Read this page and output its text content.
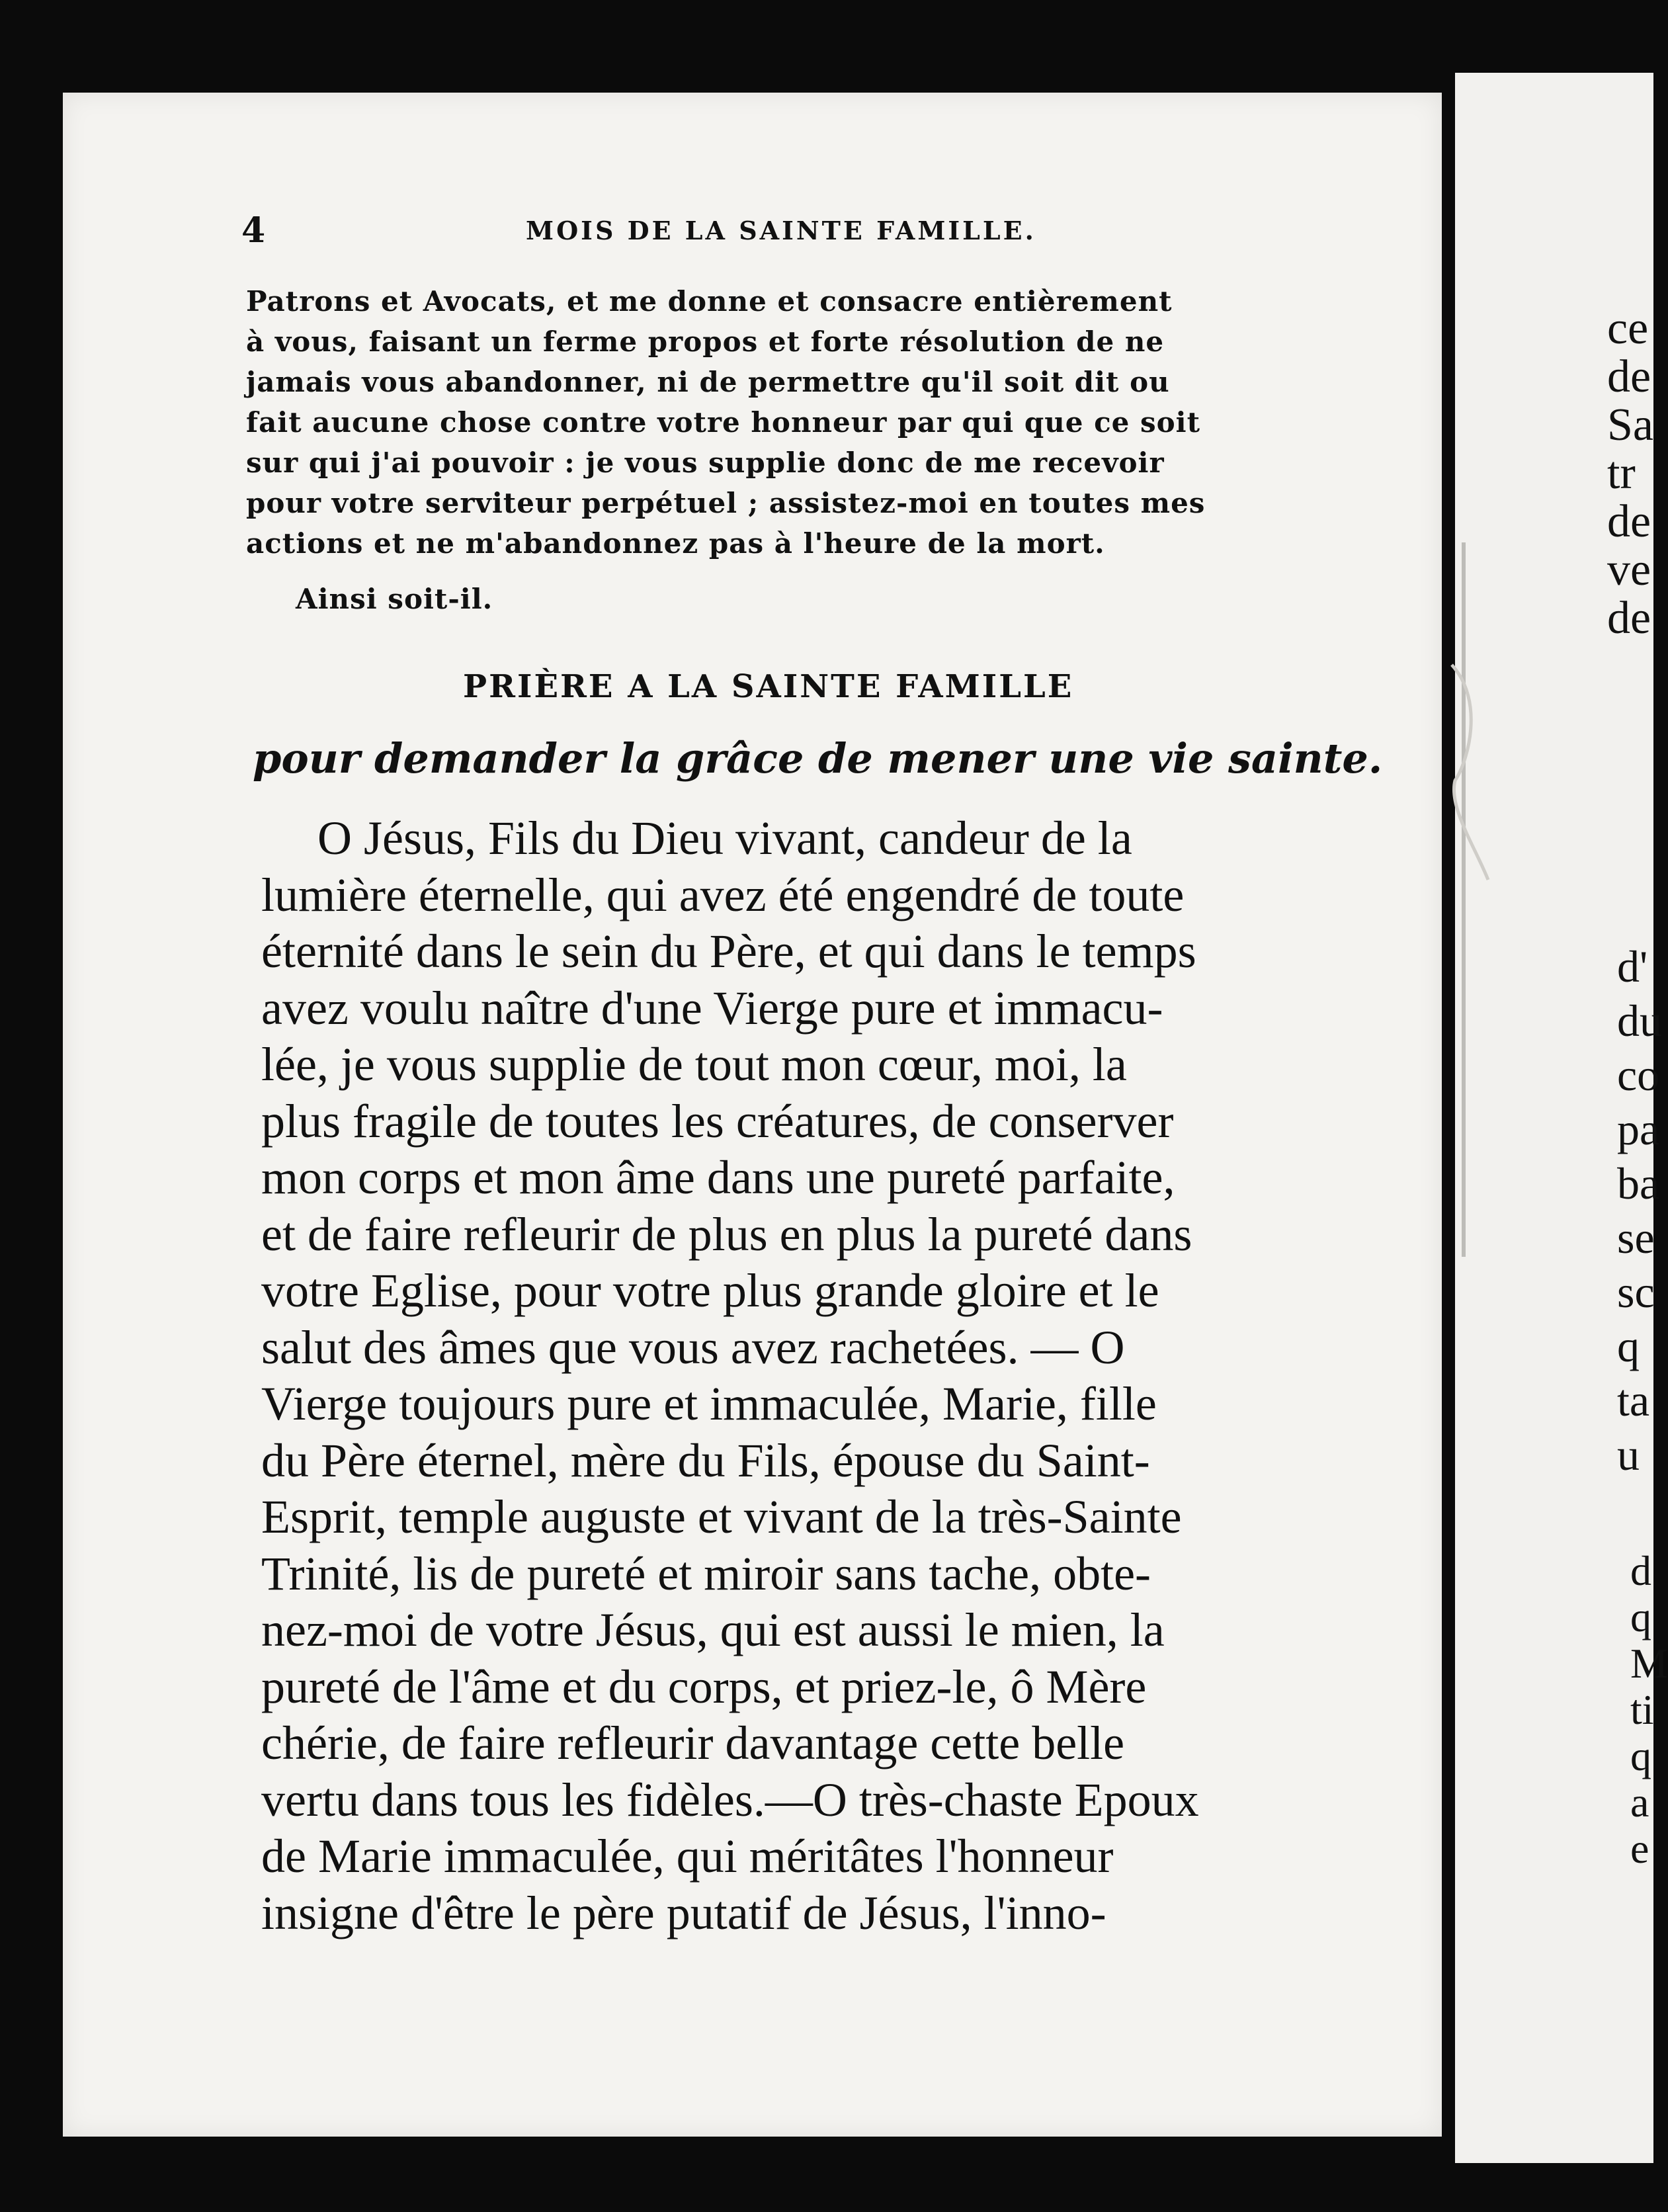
4	MOIS DE LA SAINTE FAMILLE.
Patrons et Avocats, et me donne et consacre entièrement
à vous, faisant un ferme propos et forte résolution de ne
jamais vous abandonner, ni de permettre qu'il soit dit ou
fait aucune chose contre votre honneur par qui que ce soit
sur qui j'ai pouvoir : je vous supplie donc de me recevoir
pour votre serviteur perpétuel ; assistez-moi en toutes mes
actions et ne m'abandonnez pas à l'heure de la mort.
Ainsi soit-il.
PRIÈRE A LA SAINTE FAMILLE
pour demander la grâce de mener une vie sainte.
O Jésus, Fils du Dieu vivant, candeur de la
lumière éternelle, qui avez été engendré de toute
éternité dans le sein du Père, et qui dans le temps
avez voulu naître d'une Vierge pure et immacu-
lée, je vous supplie de tout mon cœur, moi, la
plus fragile de toutes les créatures, de conserver
mon corps et mon âme dans une pureté parfaite,
et de faire refleurir de plus en plus la pureté dans
votre Eglise, pour votre plus grande gloire et le
salut des âmes que vous avez rachetées. — O
Vierge toujours pure et immaculée, Marie, fille
du Père éternel, mère du Fils, épouse du Saint-
Esprit, temple auguste et vivant de la très-Sainte
Trinité, lis de pureté et miroir sans tache, obte-
nez-moi de votre Jésus, qui est aussi le mien, la
pureté de l'âme et du corps, et priez-le, ô Mère
chérie, de faire refleurir davantage cette belle
vertu dans tous les fidèles.—O très-chaste Epoux
de Marie immaculée, qui méritâtes l'honneur
insigne d'être le père putatif de Jésus, l'inno-
ce
de
Sa
tr
de
ve
de
d'
du
co
pa
ba
se
sc
q
ta
u
d
q
M
ti
q
a
e
